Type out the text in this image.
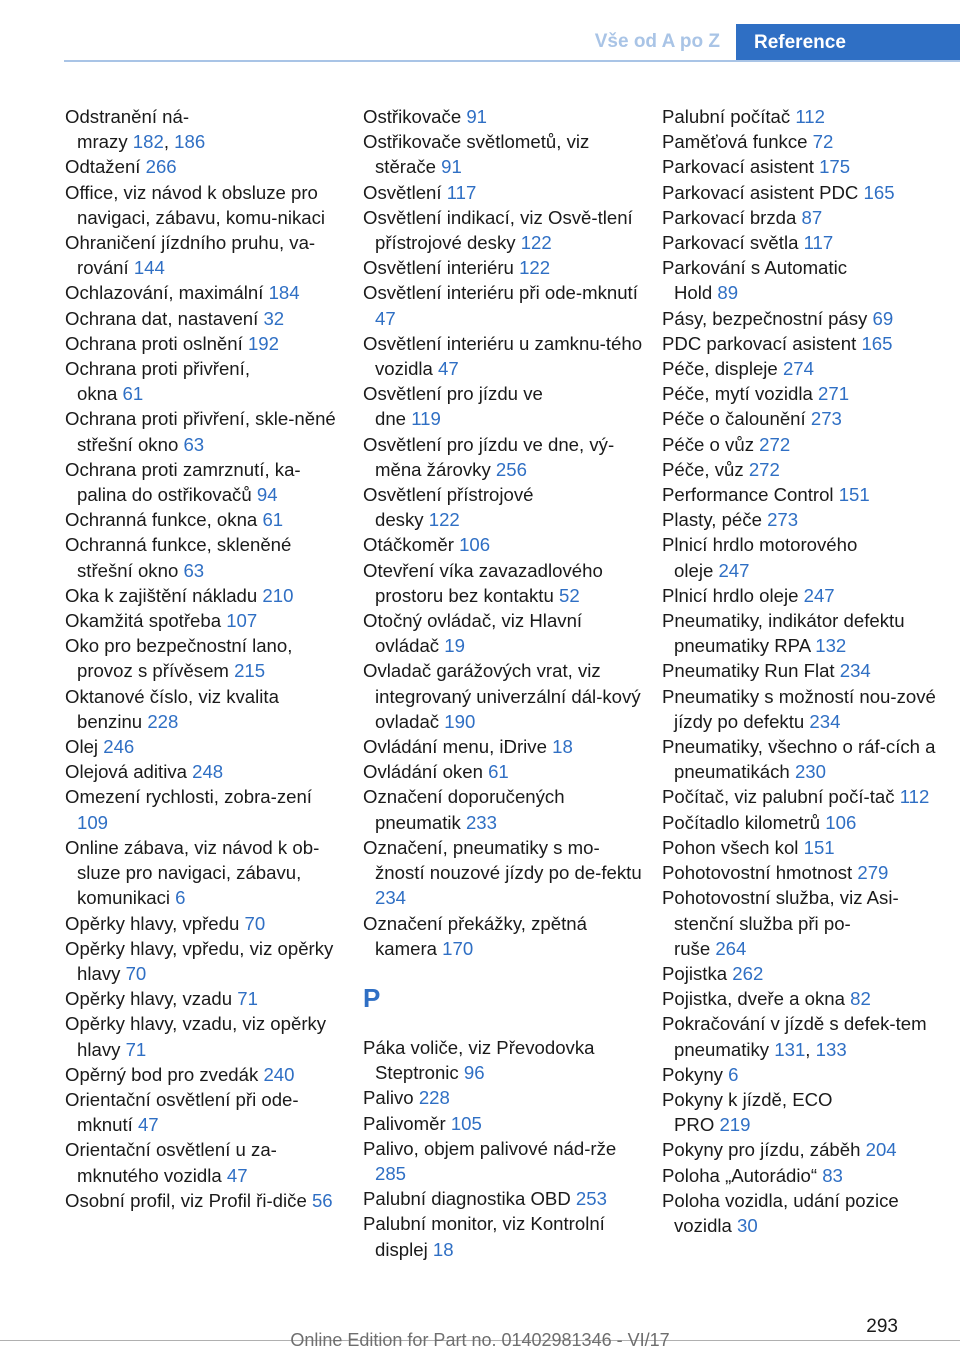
Vše od A po Z	Reference

Odstranění ná-
mrazy 182, 186

Odtažení 266

Office, viz návod k obsluze pro navigaci, zábavu, komu-nikaci

Ohraničení jízdního pruhu, va-rování 144

Ochlazování, maximální 184

Ochrana dat, nastavení 32

Ochrana proti oslnění 192

Ochrana proti přivření,
okna 61

Ochrana proti přivření, skle-něné střešní okno 63

Ochrana proti zamrznutí, ka-palina do ostřikovačů 94

Ochranná funkce, okna 61

Ochranná funkce, skleněné střešní okno 63

Oka k zajištění nákladu 210

Okamžitá spotřeba 107

Oko pro bezpečnostní lano, provoz s přívěsem 215

Oktanové číslo, viz kvalita benzinu 228

Olej 246

Olejová aditiva 248

Omezení rychlosti, zobra-zení 109

Online zábava, viz návod k ob-sluze pro navigaci, zábavu, komunikaci 6

Opěrky hlavy, vpředu 70

Opěrky hlavy, vpředu, viz opěrky hlavy 70

Opěrky hlavy, vzadu 71

Opěrky hlavy, vzadu, viz opěrky hlavy 71

Opěrný bod pro zvedák 240

Orientační osvětlení při ode-mknutí 47

Orientační osvětlení u za-mknutého vozidla 47

Osobní profil, viz Profil ři-diče 56

Ostřikovače 91

Ostřikovače světlometů, viz stěrače 91

Osvětlení 117

Osvětlení indikací, viz Osvě-tlení přístrojové desky 122

Osvětlení interiéru 122

Osvětlení interiéru při ode-mknutí 47

Osvětlení interiéru u zamknu-tého vozidla 47

Osvětlení pro jízdu ve
dne 119

Osvětlení pro jízdu ve dne, vý-měna žárovky 256

Osvětlení přístrojové
desky 122

Otáčkoměr 106

Otevření víka zavazadlového prostoru bez kontaktu 52

Otočný ovládač, viz Hlavní ovládač 19

Ovladač garážových vrat, viz integrovaný univerzální dál-kový ovladač 190

Ovládání menu, iDrive 18

Ovládání oken 61

Označení doporučených pneumatik 233

Označení, pneumatiky s mo-žností nouzové jízdy po de-fektu 234

Označení překážky, zpětná kamera 170

P

Páka voliče, viz Převodovka Steptronic 96

Palivo 228

Palivoměr 105

Palivo, objem palivové nád-rže 285

Palubní diagnostika OBD 253

Palubní monitor, viz Kontrolní displej 18

Palubní počítač 112

Paměťová funkce 72

Parkovací asistent 175

Parkovací asistent PDC 165

Parkovací brzda 87

Parkovací světla 117

Parkování s Automatic
Hold 89

Pásy, bezpečnostní pásy 69

PDC parkovací asistent 165

Péče, displeje 274

Péče, mytí vozidla 271

Péče o čalounění 273

Péče o vůz 272

Péče, vůz 272

Performance Control 151

Plasty, péče 273

Plnicí hrdlo motorového
oleje 247

Plnicí hrdlo oleje 247

Pneumatiky, indikátor defektu pneumatiky RPA 132

Pneumatiky Run Flat 234

Pneumatiky s možností nou-zové jízdy po defektu 234

Pneumatiky, všechno o ráf-cích a pneumatikách 230

Počítač, viz palubní počí-tač 112

Počítadlo kilometrů 106

Pohon všech kol 151

Pohotovostní hmotnost 279

Pohotovostní služba, viz Asi-stenční služba při po-
ruše 264

Pojistka 262

Pojistka, dveře a okna 82

Pokračování v jízdě s defek-tem pneumatiky 131, 133

Pokyny 6

Pokyny k jízdě, ECO
PRO 219

Pokyny pro jízdu, záběh 204

Poloha „Autorádio“ 83

Poloha vozidla, udání pozice vozidla 30

293
Online Edition for Part no. 01402981346 - VI/17
